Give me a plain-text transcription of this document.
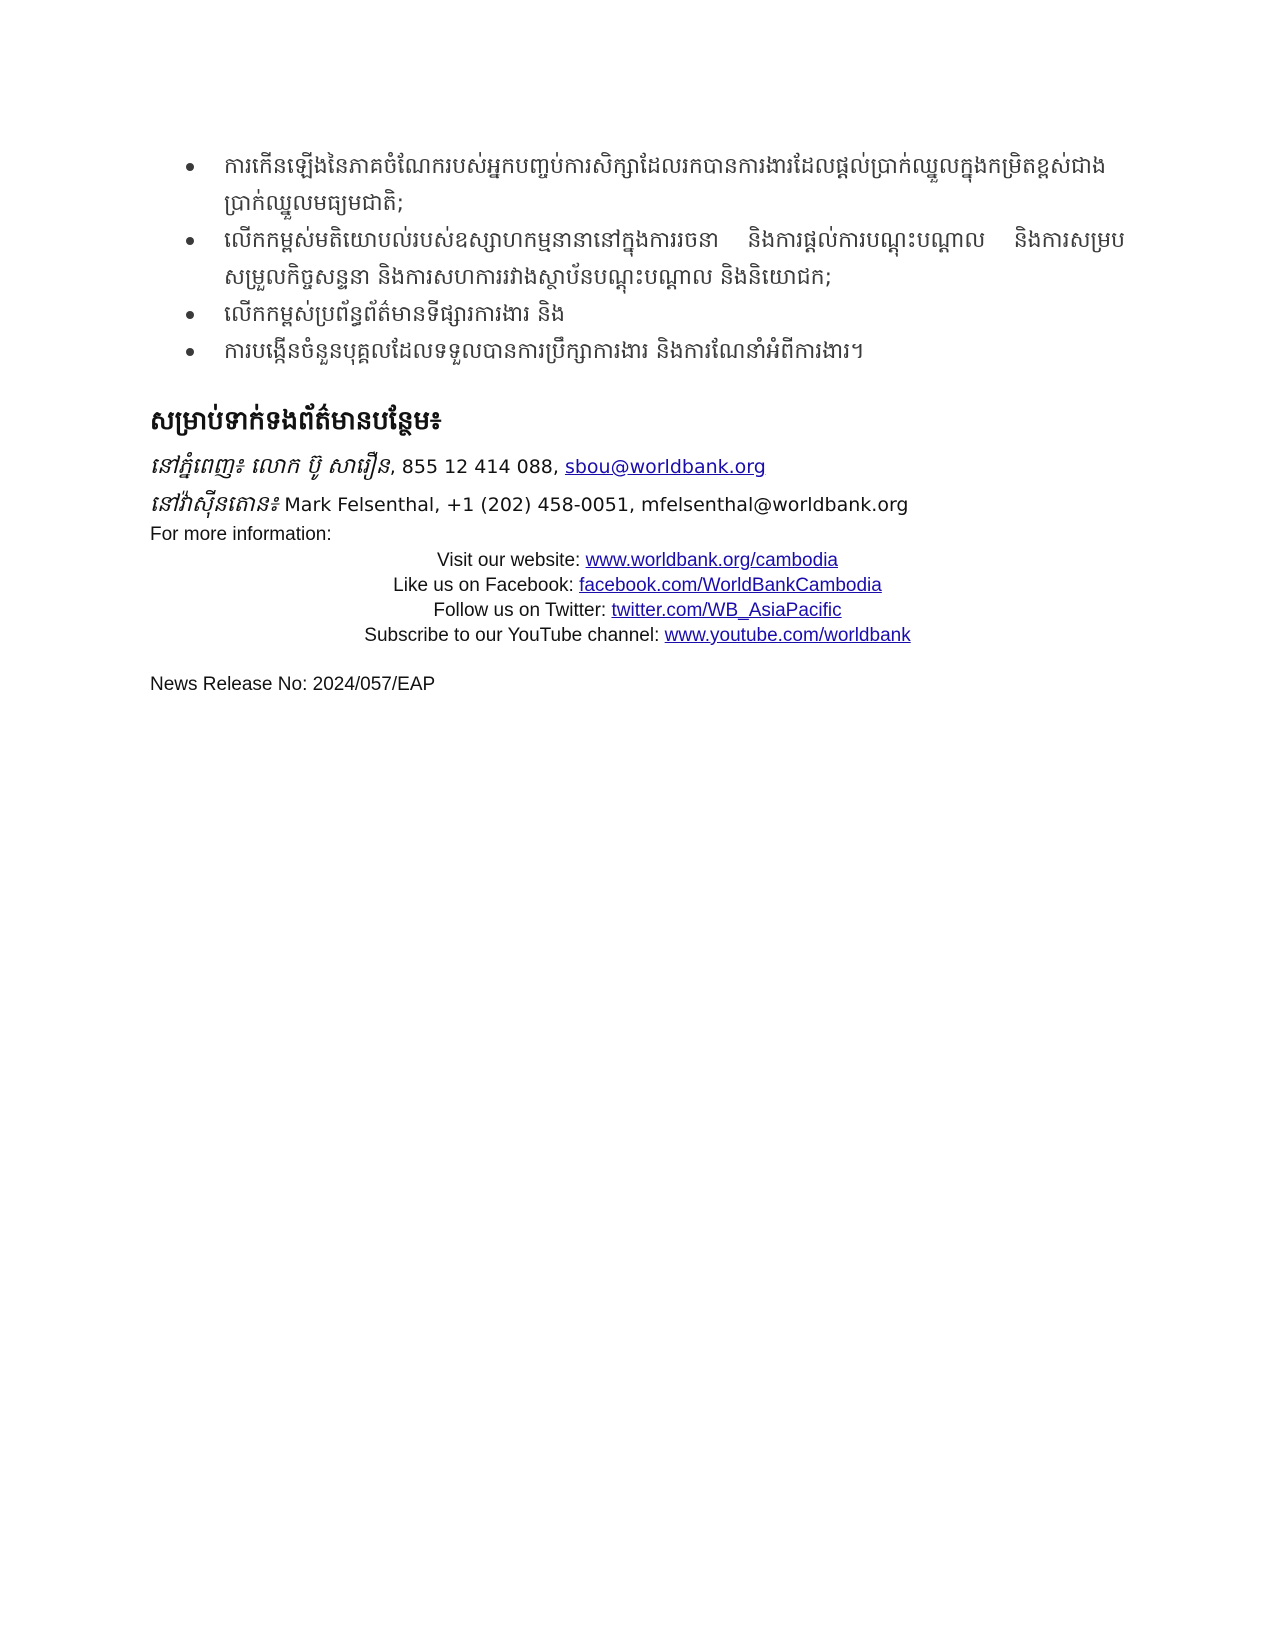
ការកើនឡើងនៃភាគចំណែករបស់អ្នកបញ្ចប់ការសិក្សាដែលរកបានការងារដែលផ្តល់ប្រាក់ឈ្នួលក្នុងកម្រិតខ្ពស់ជាងប្រាក់ឈ្នួលមធ្យមជាតិ;
លើកកម្ពស់មតិយោបល់របស់ឧស្សាហកម្មនានានៅក្នុងការរចនា និងការផ្តល់ការបណ្តុះបណ្តាល និងការសម្របសម្រួលកិច្ចសន្ទនា និងការសហការរវាងស្ថាប័នបណ្តុះបណ្តាល និងនិយោជក;
លើកកម្ពស់ប្រព័ន្ធព័ត៌មានទីផ្សារការងារ និង
ការបង្កើនចំនួនបុគ្គលដែលទទួលបានការប្រឹក្សាការងារ និងការណែនាំអំពីការងារ។
សម្រាប់ទាក់ទងព័ត៌មានបន្ថែម៖
នៅភ្នំពេញ៖ លោក ប៊ូ សារឿន, 855 12 414 088, sbou@worldbank.org
នៅវ៉ាស៊ីនតោន៖ Mark Felsenthal, +1 (202) 458-0051, mfelsenthal@worldbank.org
For more information:
Visit our website: www.worldbank.org/cambodia
Like us on Facebook: facebook.com/WorldBankCambodia
Follow us on Twitter: twitter.com/WB_AsiaPacific
Subscribe to our YouTube channel: www.youtube.com/worldbank
News Release No: 2024/057/EAP
